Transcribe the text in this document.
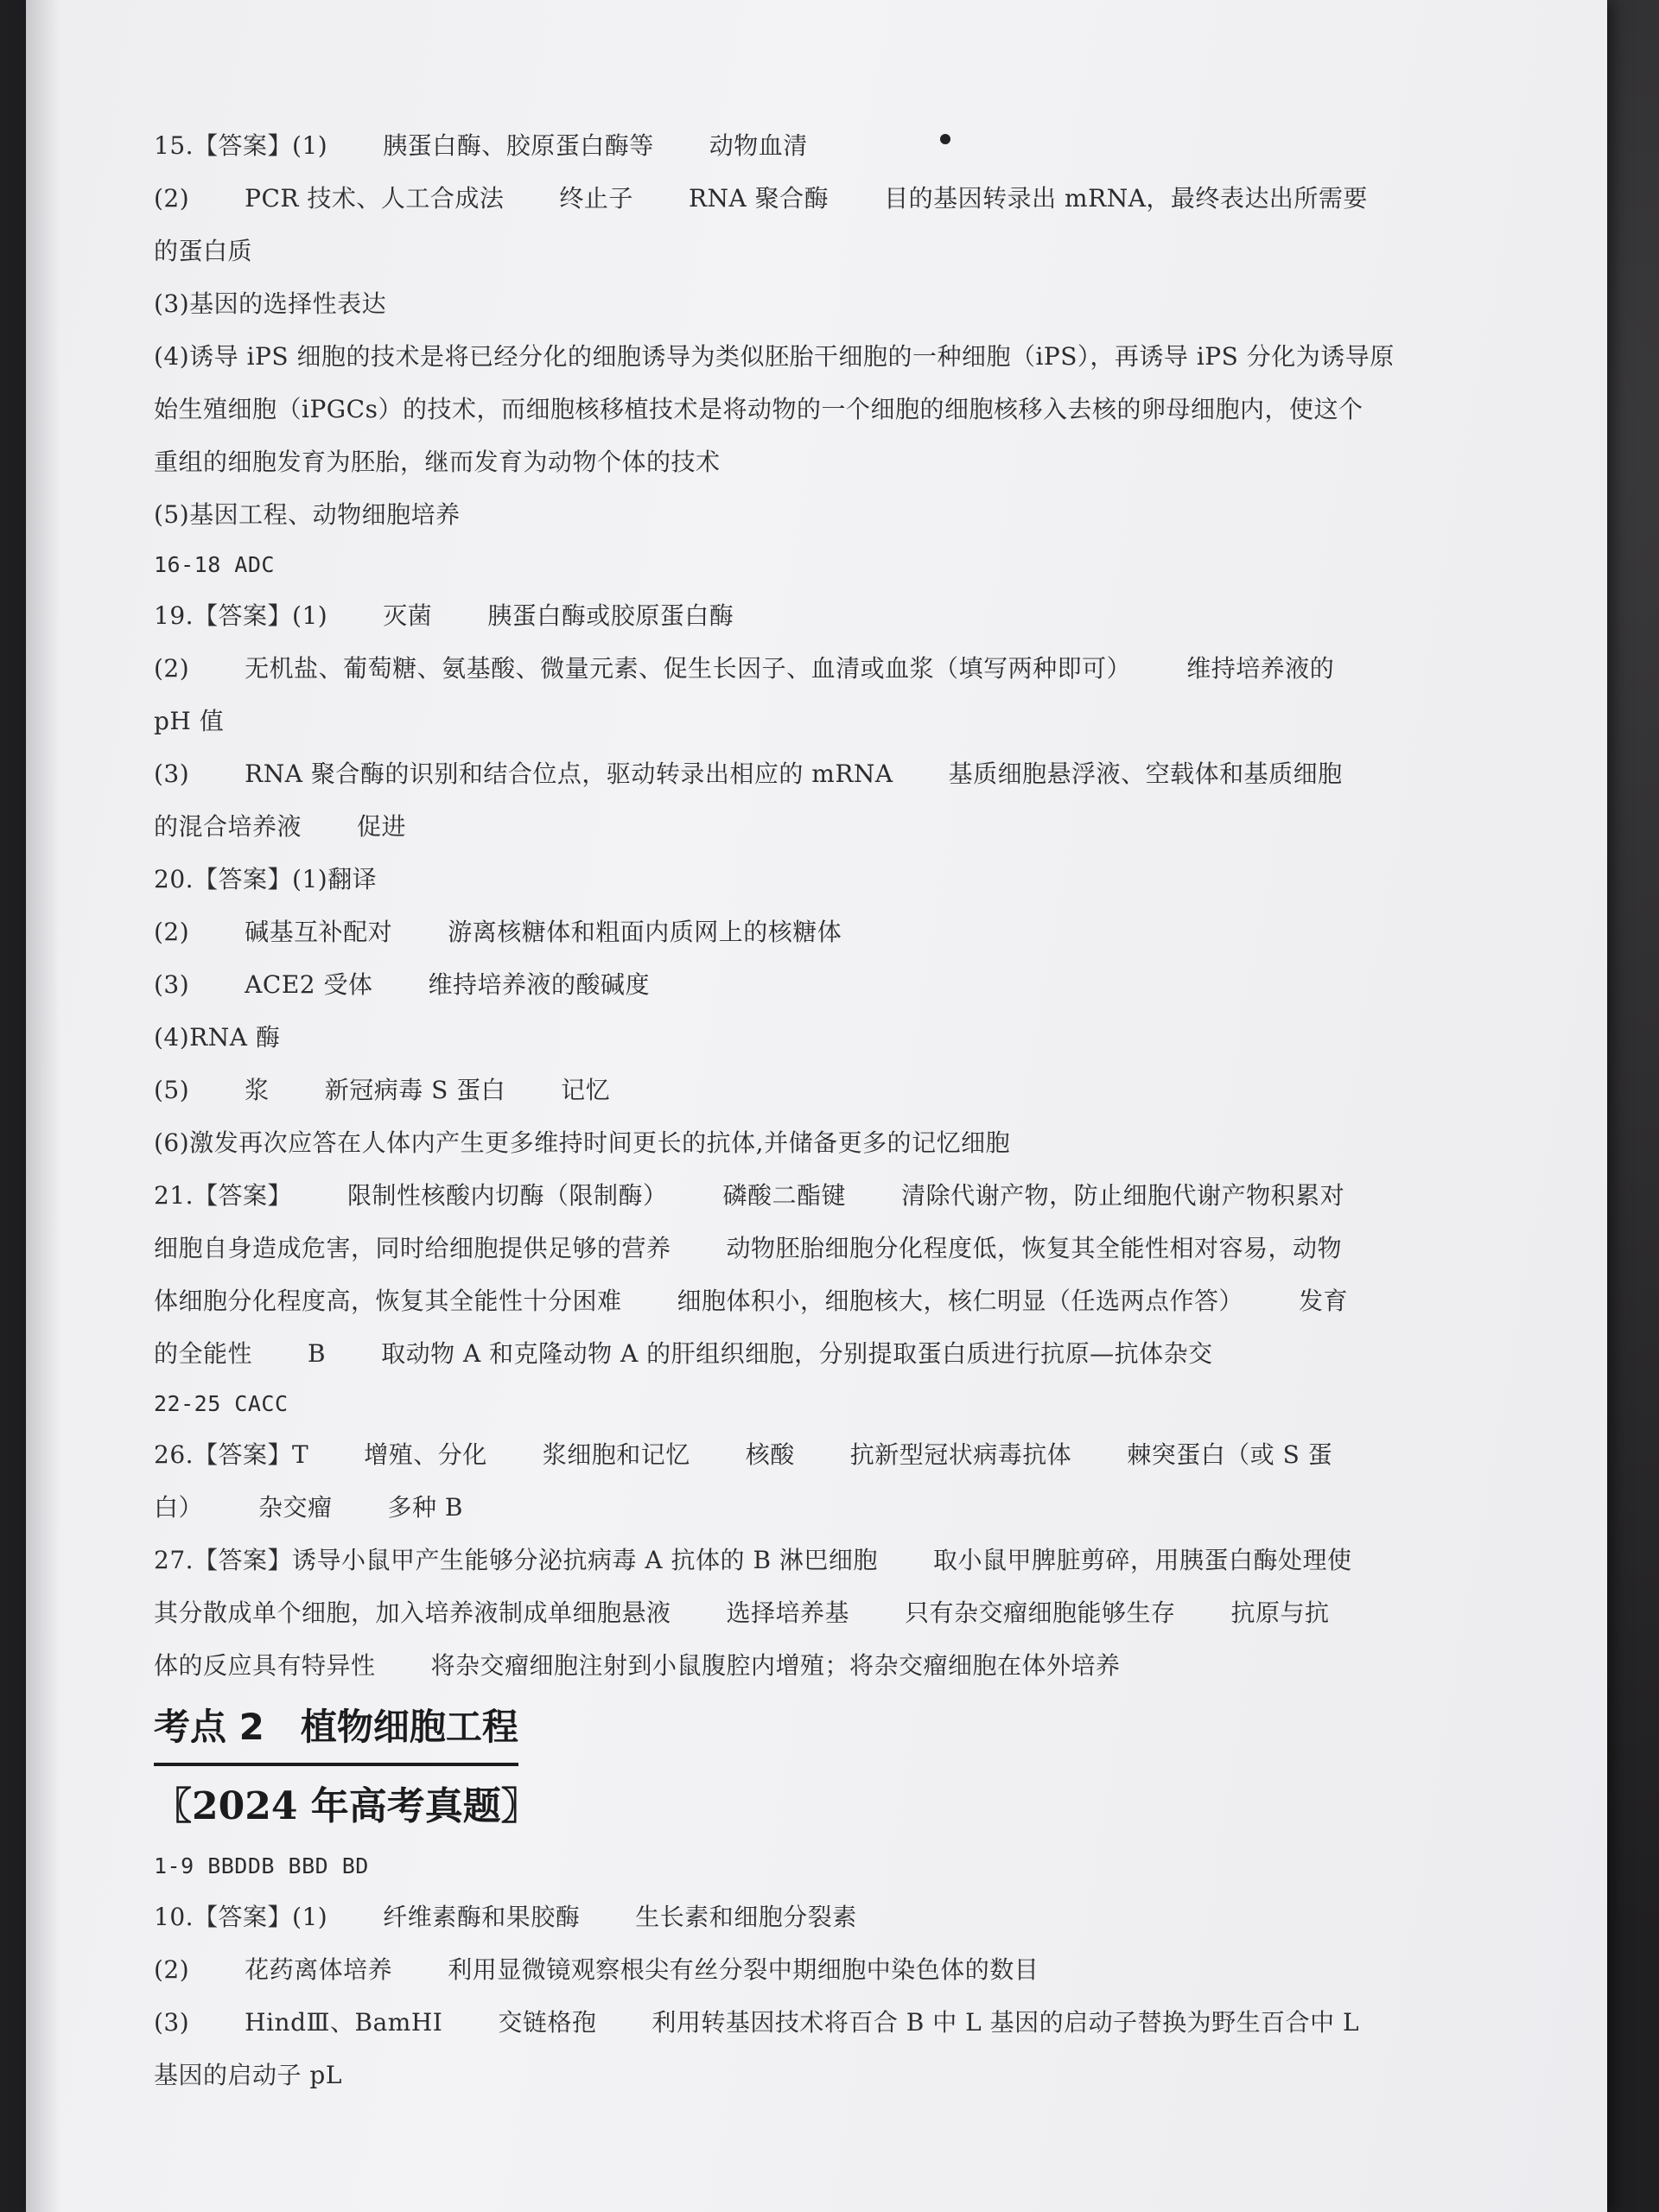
15.【答案】(1) 胰蛋白酶、胶原蛋白酶等 动物血清
(2) PCR 技术、人工合成法 终止子 RNA 聚合酶 目的基因转录出 mRNA，最终表达出所需要
的蛋白质
(3)基因的选择性表达
(4)诱导 iPS 细胞的技术是将已经分化的细胞诱导为类似胚胎干细胞的一种细胞（iPS），再诱导 iPS 分化为诱导原
始生殖细胞（iPGCs）的技术，而细胞核移植技术是将动物的一个细胞的细胞核移入去核的卵母细胞内，使这个
重组的细胞发育为胚胎，继而发育为动物个体的技术
(5)基因工程、动物细胞培养
16-18 ADC
19.【答案】(1) 灭菌 胰蛋白酶或胶原蛋白酶
(2) 无机盐、葡萄糖、氨基酸、微量元素、促生长因子、血清或血浆（填写两种即可） 维持培养液的
pH 值
(3) RNA 聚合酶的识别和结合位点，驱动转录出相应的 mRNA 基质细胞悬浮液、空载体和基质细胞
的混合培养液 促进
20.【答案】(1)翻译
(2) 碱基互补配对 游离核糖体和粗面内质网上的核糖体
(3) ACE2 受体 维持培养液的酸碱度
(4)RNA 酶
(5) 浆 新冠病毒 S 蛋白 记忆
(6)激发再次应答在人体内产生更多维持时间更长的抗体,并储备更多的记忆细胞
21.【答案】 限制性核酸内切酶（限制酶） 磷酸二酯键 清除代谢产物，防止细胞代谢产物积累对
细胞自身造成危害，同时给细胞提供足够的营养 动物胚胎细胞分化程度低，恢复其全能性相对容易，动物
体细胞分化程度高，恢复其全能性十分困难 细胞体积小，细胞核大，核仁明显（任选两点作答） 发育
的全能性 B 取动物 A 和克隆动物 A 的肝组织细胞，分别提取蛋白质进行抗原—抗体杂交
22-25 CACC
26.【答案】T 增殖、分化 浆细胞和记忆 核酸 抗新型冠状病毒抗体 棘突蛋白（或 S 蛋
白） 杂交瘤 多种 B
27.【答案】诱导小鼠甲产生能够分泌抗病毒 A 抗体的 B 淋巴细胞 取小鼠甲脾脏剪碎，用胰蛋白酶处理使
其分散成单个细胞，加入培养液制成单细胞悬液 选择培养基 只有杂交瘤细胞能够生存 抗原与抗
体的反应具有特异性 将杂交瘤细胞注射到小鼠腹腔内增殖；将杂交瘤细胞在体外培养
考点 2　植物细胞工程
〖2024 年高考真题〗
1-9 BBDDB BBD BD
10.【答案】(1) 纤维素酶和果胶酶 生长素和细胞分裂素
(2) 花药离体培养 利用显微镜观察根尖有丝分裂中期细胞中染色体的数目
(3) HindⅢ、BamHⅠ 交链格孢 利用转基因技术将百合 B 中 L 基因的启动子替换为野生百合中 L
基因的启动子 pL
